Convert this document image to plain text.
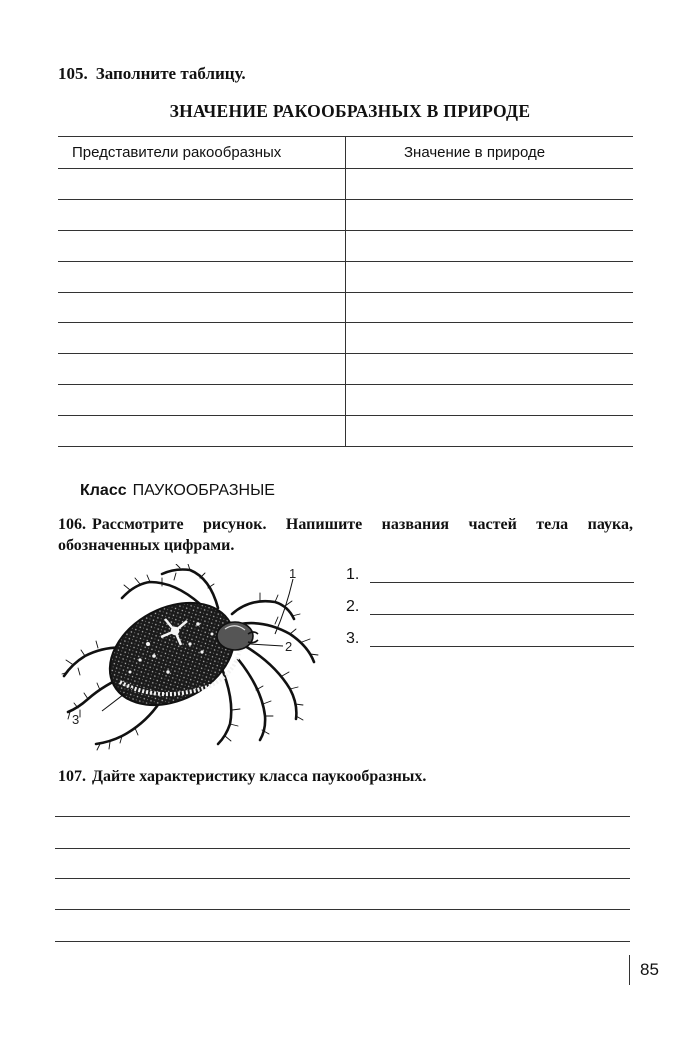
105. Заполните таблицу.
ЗНАЧЕНИЕ РАКООБРАЗНЫХ В ПРИРОДЕ
Представители ракообразных	Значение в природе
Класс ПАУКООБРАЗНЫЕ
106. Рассмотрите рисунок. Напишите названия частей тела паука, обозначенных цифрами.
1
2
3
1.
2.
3.
107. Дайте характеристику класса паукообразных.
85
